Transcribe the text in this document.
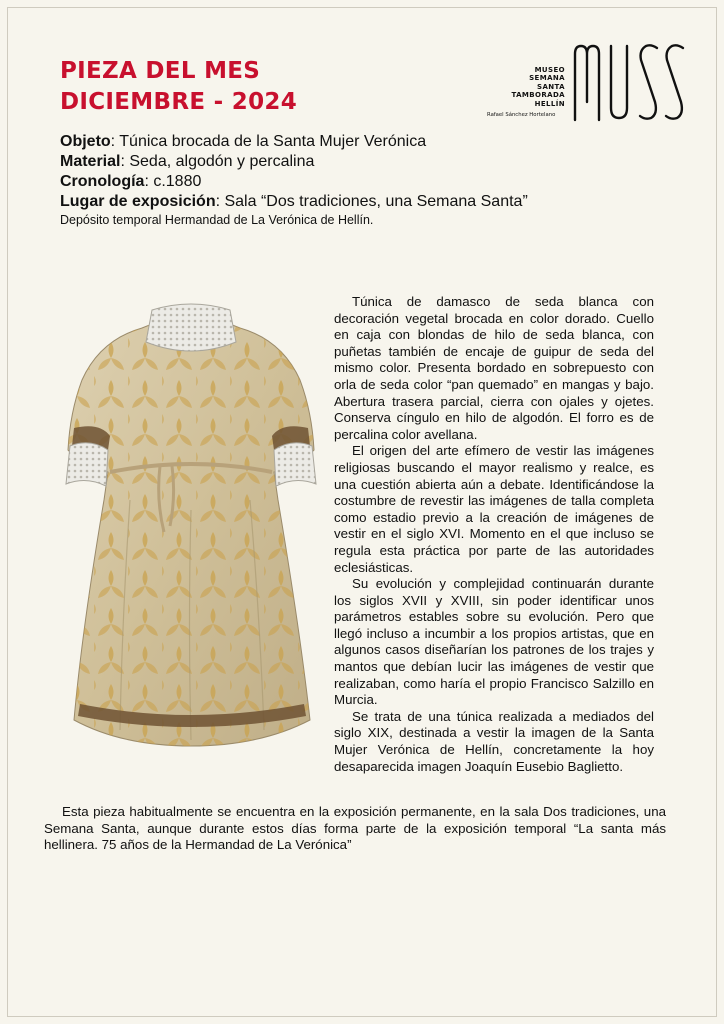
PIEZA DEL MES
DICIEMBRE - 2024
MUSEO
SEMANA
SANTA
TAMBORADA
HELLÍN
Rafael Sánchez Hortelano
Objeto: Túnica brocada de la Santa Mujer Verónica
Material: Seda, algodón y percalina
Cronología: c.1880
Lugar de exposición: Sala “Dos tradiciones, una Semana Santa”
Depósito temporal Hermandad de La Verónica de Hellín.

Túnica de damasco de seda blanca con decoración vegetal brocada en color dorado. Cuello en caja con blondas de hilo de seda blanca, con puñetas también de encaje de guipur de seda del mismo color. Presenta bordado en sobrepuesto con orla de seda color “pan quemado” en mangas y bajo. Abertura trasera parcial, cierra con ojales y ojetes. Conserva cíngulo en hilo de algodón. El forro es de percalina color avellana.

El origen del arte efímero de vestir las imágenes religiosas buscando el mayor realismo y realce, es una cuestión abierta aún a debate. Identificándose la costumbre de revestir las imágenes de talla completa como estadio previo a la creación de imágenes de vestir en el siglo XVI. Momento en el que incluso se regula esta práctica por parte de las autoridades eclesiásticas.

Su evolución y complejidad continuarán durante los siglos XVII y XVIII, sin poder identificar unos parámetros estables sobre su evolución. Pero que llegó incluso a incumbir a los propios artistas, que en algunos casos diseñarían los patrones de los trajes y mantos que debían lucir las imágenes de vestir que realizaban, como haría el propio Francisco Salzillo en Murcia.

Se trata de una túnica realizada a mediados del siglo XIX, destinada a vestir la imagen de la Santa Mujer Verónica de Hellín, concretamente la hoy desaparecida imagen Joaquín Eusebio Baglietto.

Esta pieza habitualmente se encuentra en la exposición permanente, en la sala Dos tradiciones, una Semana Santa, aunque durante estos días forma parte de la exposición temporal “La santa más hellinera. 75 años de la Hermandad de La Verónica”
